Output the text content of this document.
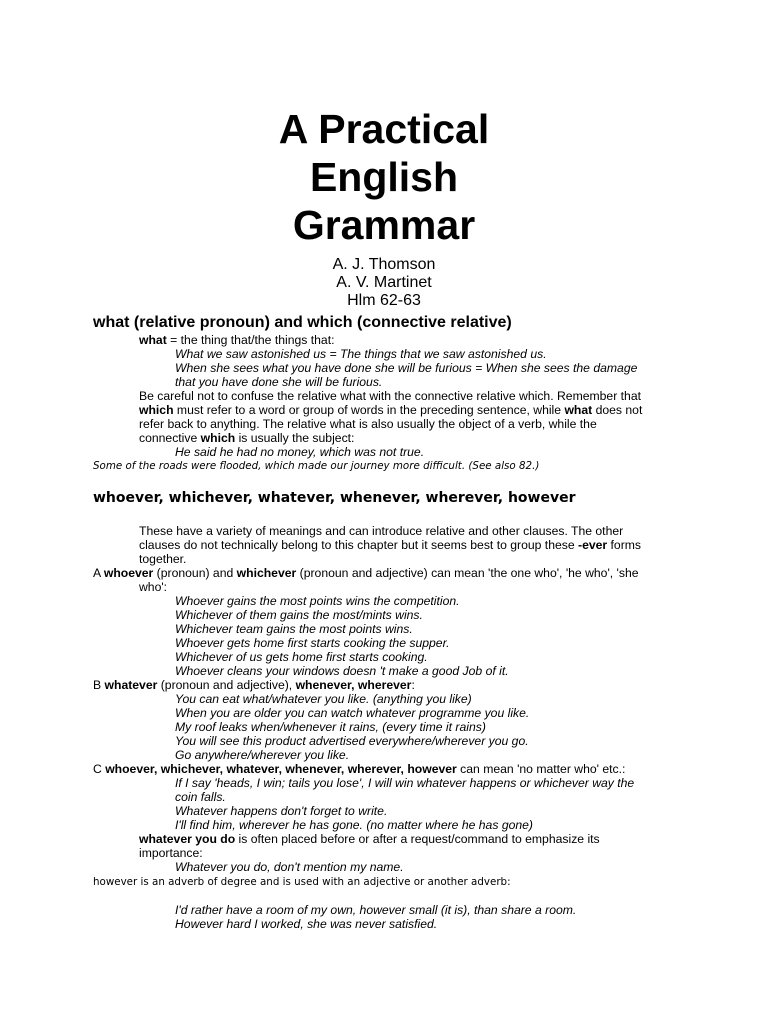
A Practical
English
Grammar
A. J. Thomson
A. V. Martinet
Hlm 62-63
what (relative pronoun) and which (connective relative)
what = the thing that/the things that:
What we saw astonished us = The things that we saw astonished us.
When she sees what you have done she will be furious = When she sees the damage
that you have done she will be furious.
Be careful not to confuse the relative what with the connective relative which. Remember that
which must refer to a word or group of words in the preceding sentence, while what does not
refer back to anything. The relative what is also usually the object of a verb, while the
connective which is usually the subject:
He said he had no money, which was not true.
Some of the roads were flooded, which made our journey more difficult. (See also 82.)
whoever, whichever, whatever, whenever, wherever, however
These have a variety of meanings and can introduce relative and other clauses. The other
clauses do not technically belong to this chapter but it seems best to group these -ever forms
together.
A whoever (pronoun) and whichever (pronoun and adjective) can mean 'the one who', 'he who', 'she
who':
Whoever gains the most points wins the competition.
Whichever of them gains the most/mints wins.
Whichever team gains the most points wins.
Whoever gets home first starts cooking the supper.
Whichever of us gets home first starts cooking.
Whoever cleans your windows doesn 't make a good Job of it.
B whatever (pronoun and adjective), whenever, wherever:
You can eat what/whatever you like. (anything you like)
When you are older you can watch whatever programme you like.
My roof leaks when/whenever it rains, (every time it rains)
You will see this product advertised everywhere/wherever you go.
Go anywhere/wherever you like.
C whoever, whichever, whatever, whenever, wherever, however can mean 'no matter who' etc.:
If I say 'heads, I win; tails you lose', I will win whatever happens or whichever way the
coin falls.
Whatever happens don't forget to write.
I'll find him, wherever he has gone. (no matter where he has gone)
whatever you do is often placed before or after a request/command to emphasize its
importance:
Whatever you do, don't mention my name.
however is an adverb of degree and is used with an adjective or another adverb:
I'd rather have a room of my own, however small (it is), than share a room.
However hard I worked, she was never satisfied.
